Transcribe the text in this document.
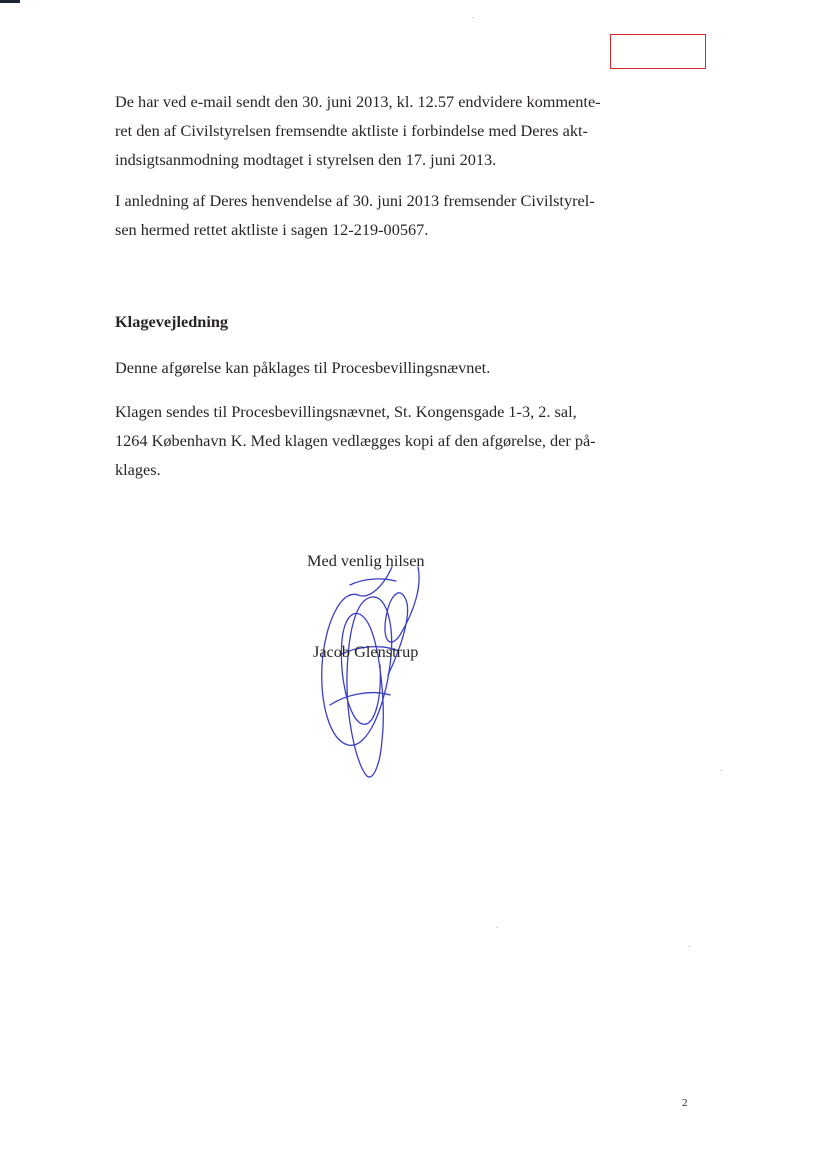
De har ved e-mail sendt den 30. juni 2013, kl. 12.57 endvidere kommente-
ret den af Civilstyrelsen fremsendte aktliste i forbindelse med Deres akt-
indsigtsanmodning modtaget i styrelsen den 17. juni 2013.

I anledning af Deres henvendelse af 30. juni 2013 fremsender Civilstyrel-
sen hermed rettet aktliste i sagen 12-219-00567.

Klagevejledning

Denne afgørelse kan påklages til Procesbevillingsnævnet.

Klagen sendes til Procesbevillingsnævnet, St. Kongensgade 1-3, 2. sal,
1264 København K. Med klagen vedlægges kopi af den afgørelse, der på-
klages.

Med venlig hilsen
Jacob Glenstrup
2
